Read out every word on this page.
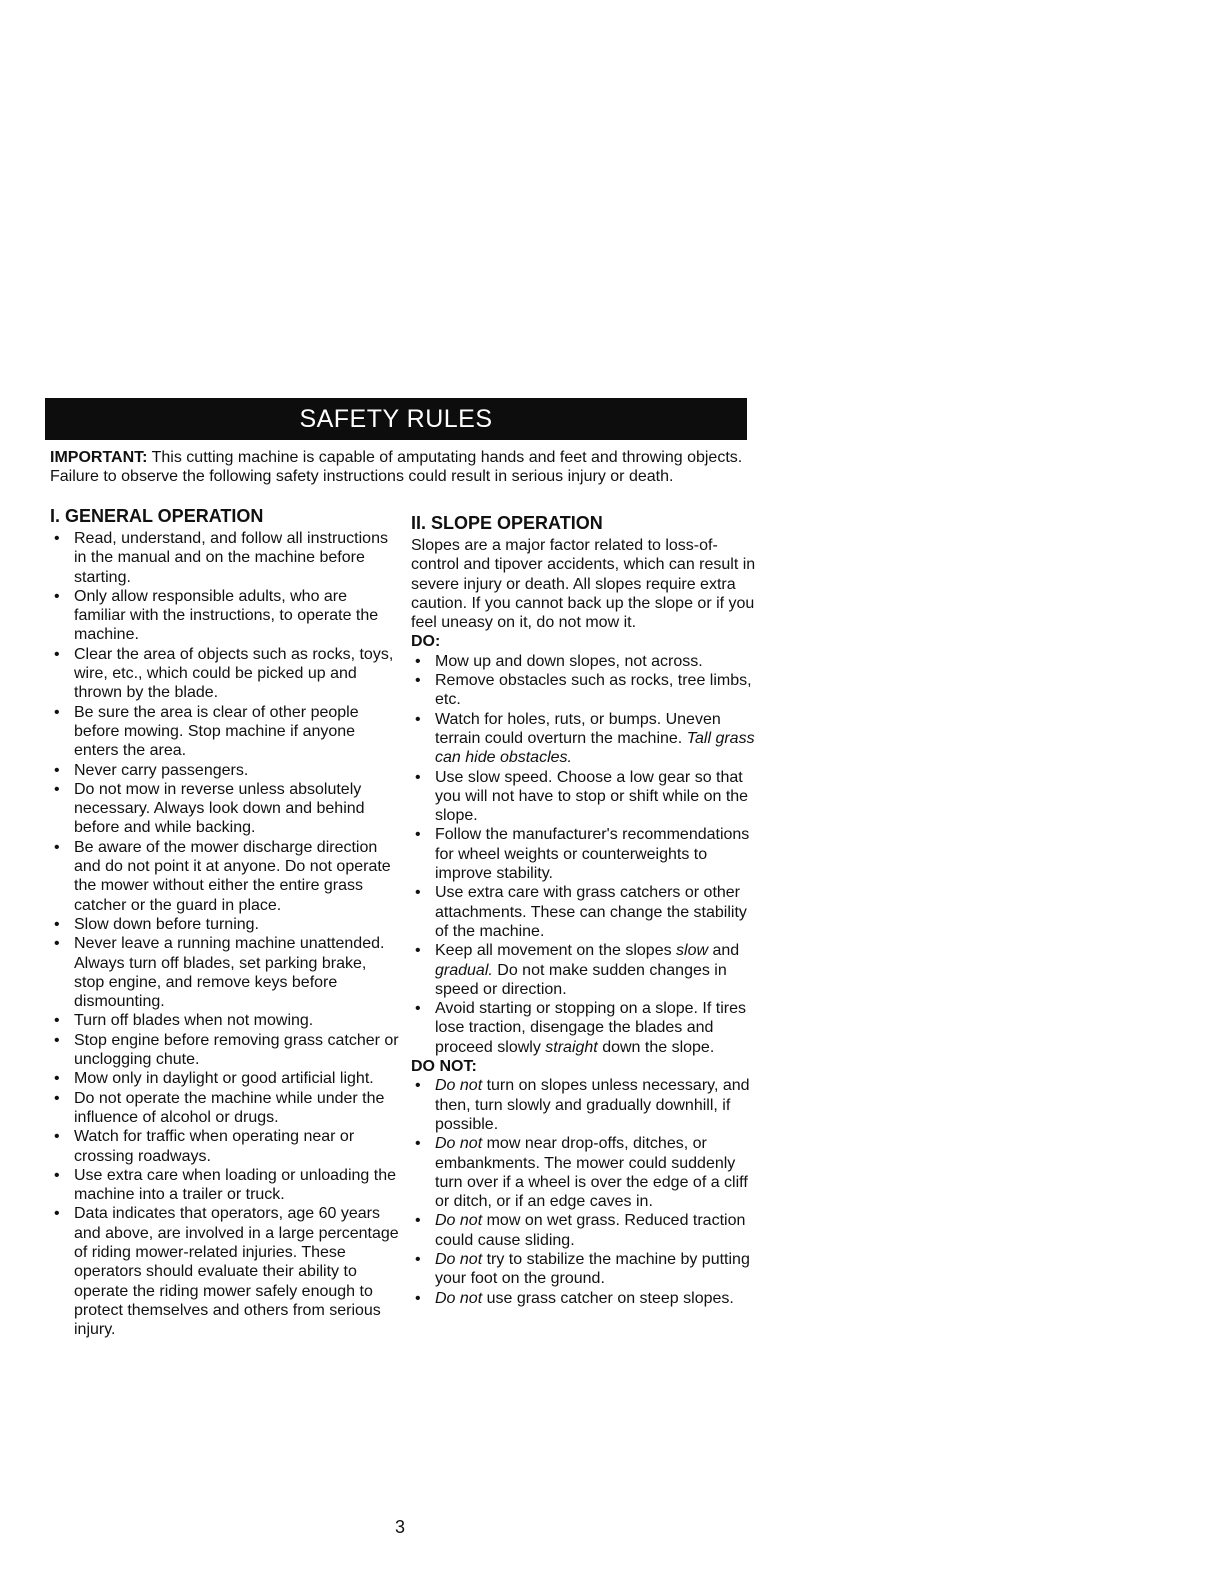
SAFETY RULES

IMPORTANT: This cutting machine is capable of amputating hands and feet and throwing objects. Failure to observe the following safety instructions could result in serious injury or death.

I. GENERAL OPERATION
• Read, understand, and follow all instructions in the manual and on the machine before starting.
• Only allow responsible adults, who are familiar with the instructions, to operate the machine.
• Clear the area of objects such as rocks, toys, wire, etc., which could be picked up and thrown by the blade.
• Be sure the area is clear of other people before mowing. Stop machine if anyone enters the area.
• Never carry passengers.
• Do not mow in reverse unless absolutely necessary. Always look down and behind before and while backing.
• Be aware of the mower discharge direction and do not point it at anyone. Do not operate the mower without either the entire grass catcher or the guard in place.
• Slow down before turning.
• Never leave a running machine unattended. Always turn off blades, set parking brake, stop engine, and remove keys before dismounting.
• Turn off blades when not mowing.
• Stop engine before removing grass catcher or unclogging chute.
• Mow only in daylight or good artificial light.
• Do not operate the machine while under the influence of alcohol or drugs.
• Watch for traffic when operating near or crossing roadways.
• Use extra care when loading or unloading the machine into a trailer or truck.
• Data indicates that operators, age 60 years and above, are involved in a large percentage of riding mower-related injuries. These operators should evaluate their ability to operate the riding mower safely enough to protect themselves and others from serious injury.
II. SLOPE OPERATION

Slopes are a major factor related to loss-of-control and tipover accidents, which can result in severe injury or death. All slopes require extra caution. If you cannot back up the slope or if you feel uneasy on it, do not mow it.

DO:

• Mow up and down slopes, not across.
• Remove obstacles such as rocks, tree limbs, etc.
• Watch for holes, ruts, or bumps. Uneven terrain could overturn the machine. Tall grass can hide obstacles.
• Use slow speed. Choose a low gear so that you will not have to stop or shift while on the slope.
• Follow the manufacturer's recommendations for wheel weights or counterweights to improve stability.
• Use extra care with grass catchers or other attachments. These can change the stability of the machine.
• Keep all movement on the slopes slow and gradual. Do not make sudden changes in speed or direction.
• Avoid starting or stopping on a slope. If tires lose traction, disengage the blades and proceed slowly straight down the slope.

DO NOT:

• Do not turn on slopes unless necessary, and then, turn slowly and gradually downhill, if possible.
• Do not mow near drop-offs, ditches, or embankments. The mower could suddenly turn over if a wheel is over the edge of a cliff or ditch, or if an edge caves in.
• Do not mow on wet grass. Reduced traction could cause sliding.
• Do not try to stabilize the machine by putting your foot on the ground.
• Do not use grass catcher on steep slopes.
3
